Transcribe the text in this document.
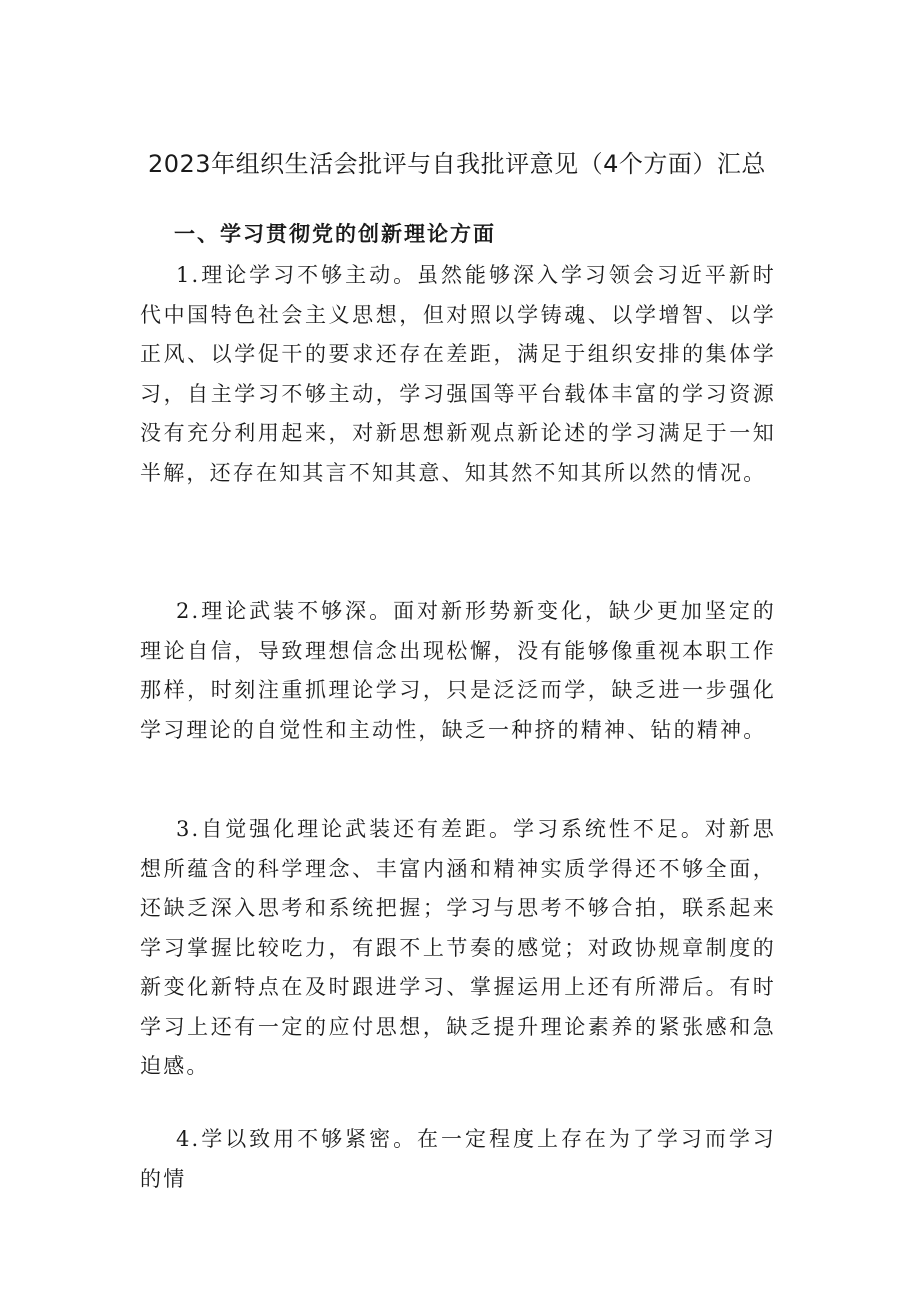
2023年组织生活会批评与自我批评意见（4个方面）汇总
一、学习贯彻党的创新理论方面

1.理论学习不够主动。虽然能够深入学习领会习近平新时代中国特色社会主义思想，但对照以学铸魂、以学增智、以学正风、以学促干的要求还存在差距，满足于组织安排的集体学习，自主学习不够主动，学习强国等平台载体丰富的学习资源没有充分利用起来，对新思想新观点新论述的学习满足于一知半解，还存在知其言不知其意、知其然不知其所以然的情况。

2.理论武装不够深。面对新形势新变化，缺少更加坚定的理论自信，导致理想信念出现松懈，没有能够像重视本职工作那样，时刻注重抓理论学习，只是泛泛而学，缺乏进一步强化学习理论的自觉性和主动性，缺乏一种挤的精神、钻的精神。

3.自觉强化理论武装还有差距。学习系统性不足。对新思想所蕴含的科学理念、丰富内涵和精神实质学得还不够全面，还缺乏深入思考和系统把握；学习与思考不够合拍，联系起来学习掌握比较吃力，有跟不上节奏的感觉；对政协规章制度的新变化新特点在及时跟进学习、掌握运用上还有所滞后。有时学习上还有一定的应付思想，缺乏提升理论素养的紧张感和急迫感。

4.学以致用不够紧密。在一定程度上存在为了学习而学习的情
